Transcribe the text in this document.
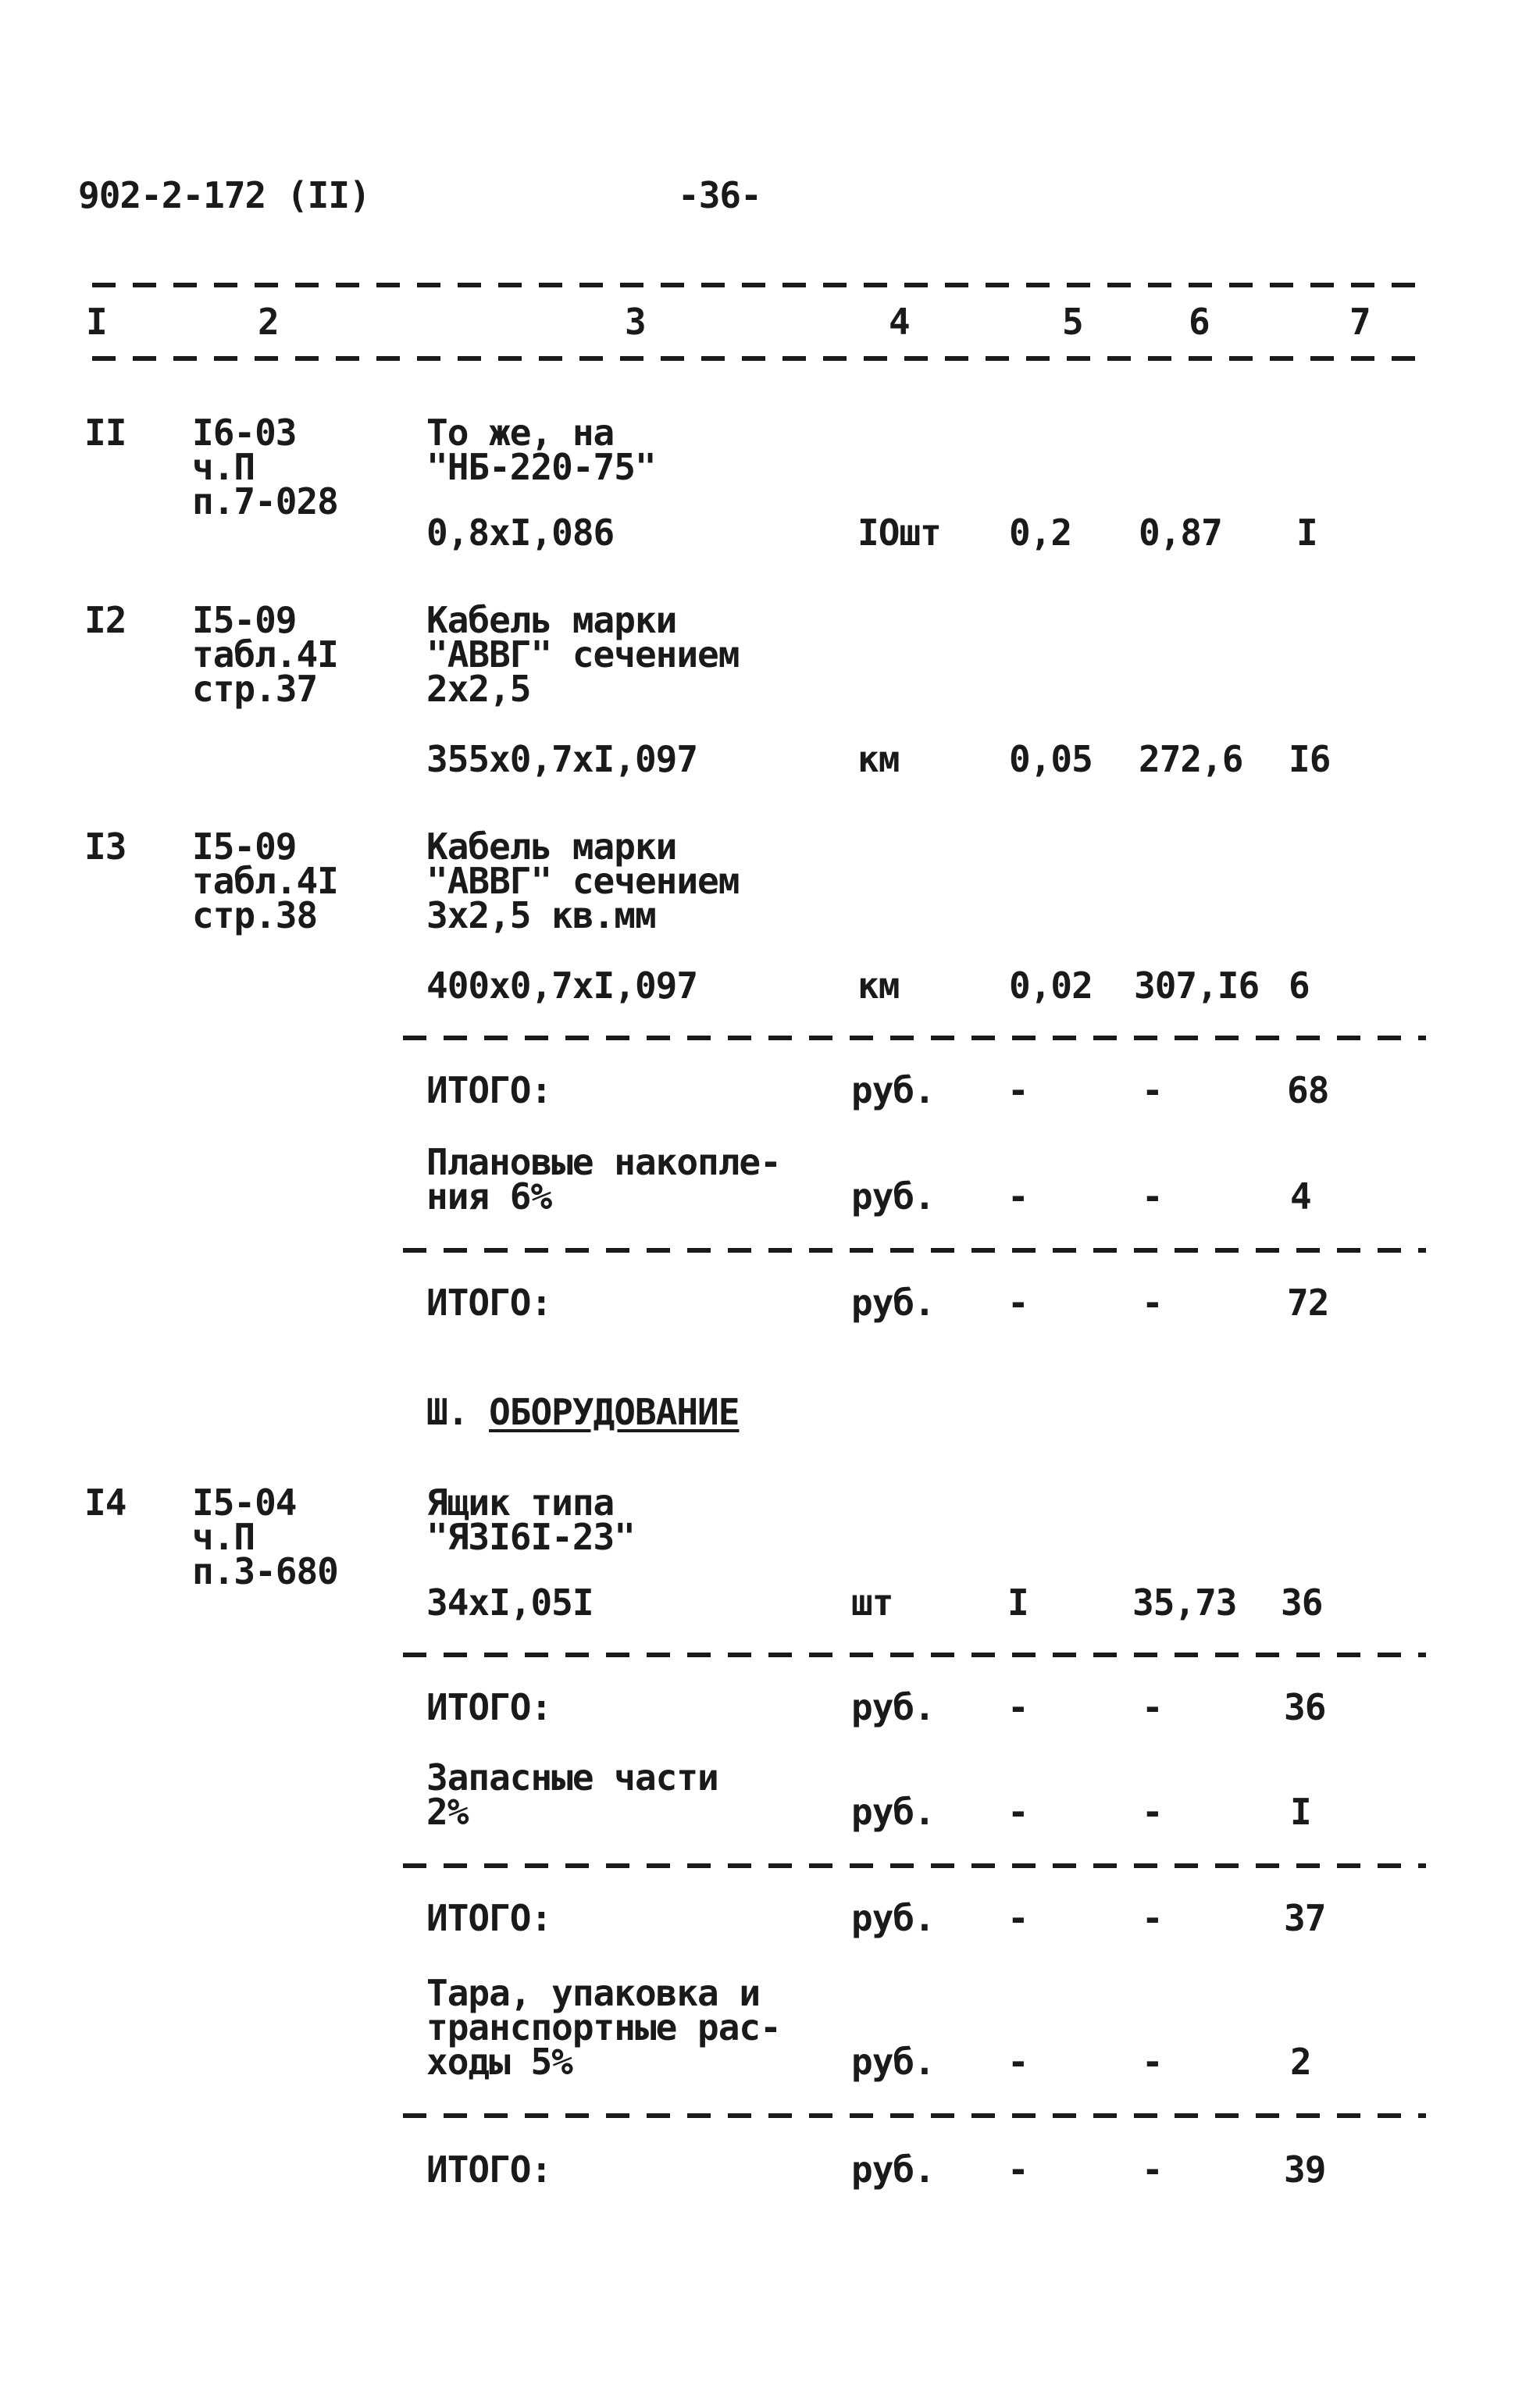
902-2-172 (II)	-36-
I	2	3	4	5	6	7
II I6-03
ч.П
п.7-028
То же, на
"НБ-220-75"
0,8хI,086	IОшт 0,2 0,87 I
I2 I5-09
табл.4I
стр.37
Кабель марки
"АВВГ" сечением
2х2,5
355х0,7хI,097	км	0,05 272,6 I6
I3 I5-09
табл.4I
стр.38
Кабель марки
"АВВГ" сечением
3х2,5 кв.мм
400х0,7хI,097	км	0,02 307,I6 6
ИТОГО:	руб. -	-	68
Плановые накопле-
ния 6%	руб. -	-	4
ИТОГО:	руб. -	-	72
Ш. ОБОРУДОВАНИЕ
I4 I5-04
ч.П
п.3-680
Ящик типа
"ЯЗI6I-23"
34хI,05I	шт	I	35,73 36
ИТОГО:	руб. -	-	36
Запасные части
2%	руб. -	-	I
ИТОГО:	руб. -	-	37
Тара, упаковка и
транспортные рас-
ходы 5%	руб. -	-	2
ИТОГО:	руб. -	-	39
